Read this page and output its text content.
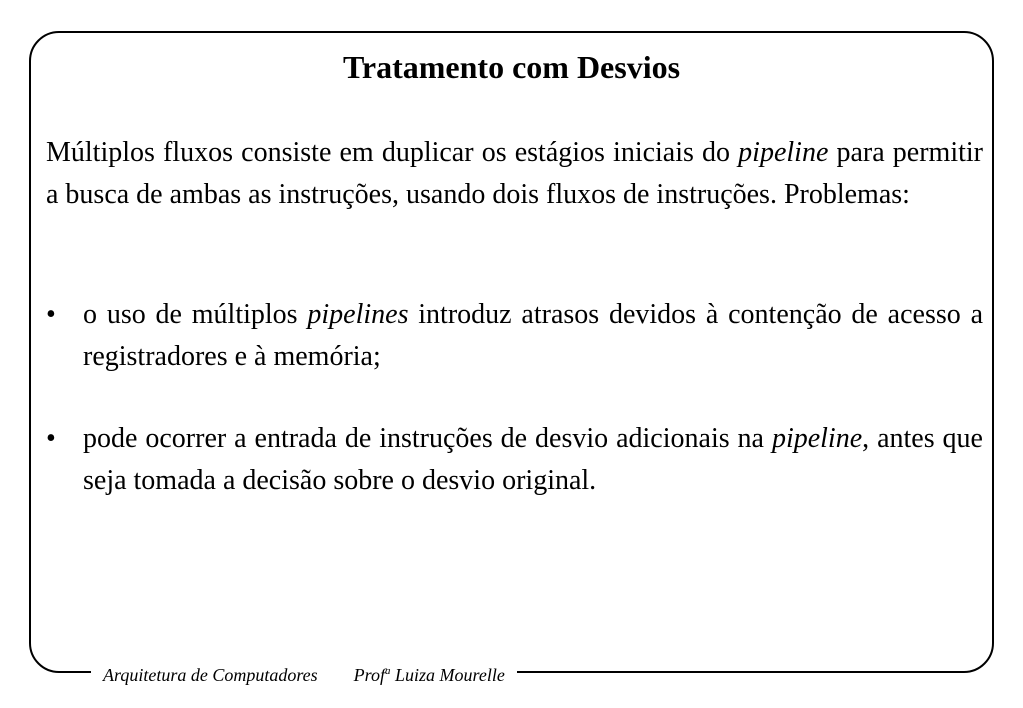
Tratamento com Desvios

Múltiplos fluxos consiste em duplicar os estágios iniciais do pipeline para permitir a busca de ambas as instruções, usando dois fluxos de instruções. Problemas:

• o uso de múltiplos pipelines introduz atrasos devidos à contenção de acesso a registradores e à memória;
• pode ocorrer a entrada de instruções de desvio adicionais na pipeline, antes que seja tomada a decisão sobre o desvio original.
Arquitetura de Computadores Prof$^a$ Luiza Mourelle
